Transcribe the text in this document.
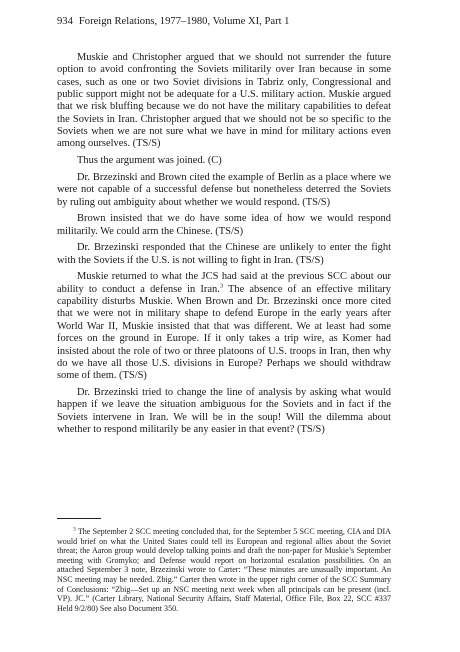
934 Foreign Relations, 1977–1980, Volume XI, Part 1

Muskie and Christopher argued that we should not surrender the future option to avoid confronting the Soviets militarily over Iran because in some cases, such as one or two Soviet divisions in Tabriz only, Congressional and public support might not be adequate for a U.S. military action. Muskie argued that we risk bluffing because we do not have the military capabilities to defeat the Soviets in Iran. Christopher argued that we should not be so specific to the Soviets when we are not sure what we have in mind for military actions even among ourselves. (TS/S)

Thus the argument was joined. (C)

Dr. Brzezinski and Brown cited the example of Berlin as a place where we were not capable of a successful defense but nonetheless deterred the Soviets by ruling out ambiguity about whether we would respond. (TS/S)

Brown insisted that we do have some idea of how we would respond militarily. We could arm the Chinese. (TS/S)

Dr. Brzezinski responded that the Chinese are unlikely to enter the fight with the Soviets if the U.S. is not willing to fight in Iran. (TS/S)

Muskie returned to what the JCS had said at the previous SCC about our ability to conduct a defense in Iran.$^3$ The absence of an effective military capability disturbs Muskie. When Brown and Dr. Brzezinski once more cited that we were not in military shape to defend Europe in the early years after World War II, Muskie insisted that that was different. We at least had some forces on the ground in Europe. If it only takes a trip wire, as Komer had insisted about the role of two or three platoons of U.S. troops in Iran, then why do we have all those U.S. divisions in Europe? Perhaps we should withdraw some of them. (TS/S)

Dr. Brzezinski tried to change the line of analysis by asking what would happen if we leave the situation ambiguous for the Soviets and in fact if the Soviets intervene in Iran. We will be in the soup! Will the dilemma about whether to respond militarily be any easier in that event? (TS/S)

$^3$ The September 2 SCC meeting concluded that, for the September 5 SCC meeting, CIA and DIA would brief on what the United States could tell its European and regional allies about the Soviet threat; the Aaron group would develop talking points and draft the non-paper for Muskie’s September meeting with Gromyko; and Defense would report on horizontal escalation possibilities. On an attached September 3 note, Brzezinski wrote to Carter: “These minutes are unusually important. An NSC meeting may be needed. Zbig.” Carter then wrote in the upper right corner of the SCC Summary of Conclusions: “Zbig—Set up an NSC meeting next week when all principals can be present (incl. VP). JC.” (Carter Library, National Security Affairs, Staff Material, Office File, Box 22, SCC #337 Held 9/2/80) See also Document 350.
